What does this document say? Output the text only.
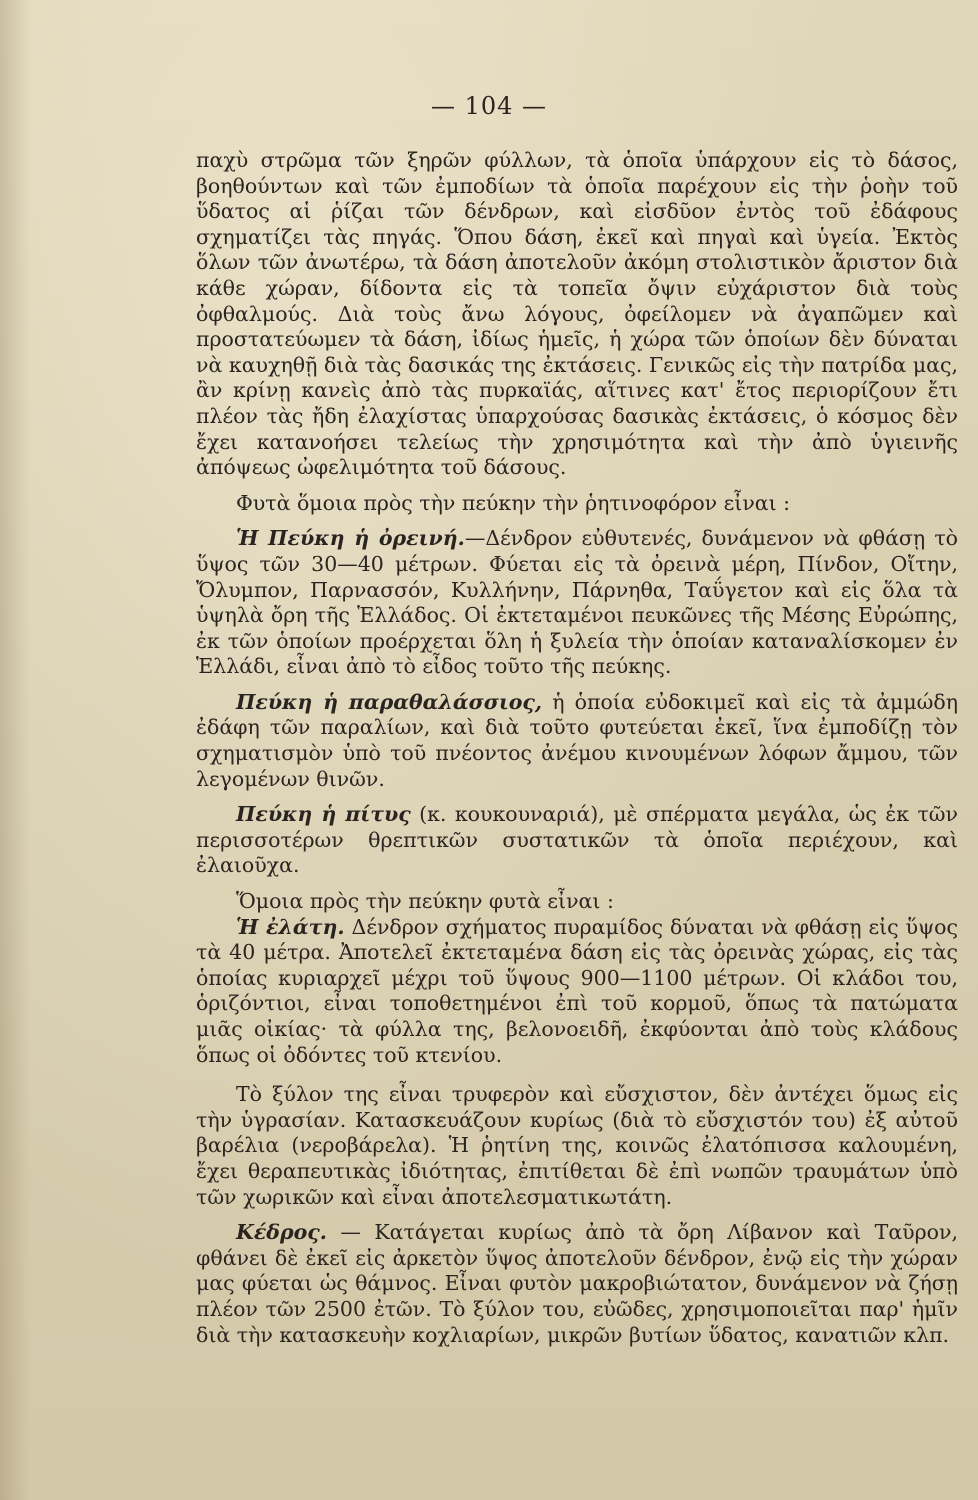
— 104 —

παχὺ στρῶμα τῶν ξηρῶν φύλλων, τὰ ὁποῖα ὑπάρχουν εἰς τὸ δάσος, βοηθούντων καὶ τῶν ἐμποδίων τὰ ὁποῖα παρέχουν εἰς τὴν ῥοὴν τοῦ ὕδατος αἱ ῥίζαι τῶν δένδρων, καὶ εἰσδῦον ἐντὸς τοῦ ἐδάφους σχηματίζει τὰς πηγάς. Ὅπου δάση, ἐκεῖ καὶ πηγαὶ καὶ ὑγεία. Ἐκτὸς ὅλων τῶν ἀνωτέρω, τὰ δάση ἀποτελοῦν ἀκόμη στολιστικὸν ἄριστον διὰ κάθε χώραν, δίδοντα εἰς τὰ τοπεῖα ὄψιν εὐχάριστον διὰ τοὺς ὀφθαλμούς. Διὰ τοὺς ἄνω λόγους, ὀφείλομεν νὰ ἀγαπῶμεν καὶ προστατεύωμεν τὰ δάση, ἰδίως ἡμεῖς, ἡ χώρα τῶν ὁποίων δὲν δύναται νὰ καυχηθῇ διὰ τὰς δασικάς της ἐκτάσεις. Γενικῶς εἰς τὴν πατρίδα μας, ἂν κρίνῃ κανεὶς ἀπὸ τὰς πυρκαϊάς, αἵτινες κατ' ἔτος περιορίζουν ἔτι πλέον τὰς ἤδη ἐλαχίστας ὑπαρχούσας δασικὰς ἐκτάσεις, ὁ κόσμος δὲν ἔχει κατανοήσει τελείως τὴν χρησιμότητα καὶ τὴν ἀπὸ ὑγιεινῆς ἀπόψεως ὠφελιμότητα τοῦ δάσους.

Φυτὰ ὅμοια πρὸς τὴν πεύκην τὴν ῥητινοφόρον εἶναι :

Ἡ Πεύκη ἡ ὀρεινή.—Δένδρον εὐθυτενές, δυνάμενον νὰ φθάσῃ τὸ ὕψος τῶν 30—40 μέτρων. Φύεται εἰς τὰ ὀρεινὰ μέρη, Πίνδον, Οἴτην, Ὄλυμπον, Παρνασσόν, Κυλλήνην, Πάρνηθα, Ταΰγετον καὶ εἰς ὅλα τὰ ὑψηλὰ ὄρη τῆς Ἑλλάδος. Οἱ ἐκτεταμένοι πευκῶνες τῆς Μέσης Εὐρώπης, ἐκ τῶν ὁποίων προέρχεται ὅλη ἡ ξυλεία τὴν ὁποίαν καταναλίσκομεν ἐν Ἑλλάδι, εἶναι ἀπὸ τὸ εἶδος τοῦτο τῆς πεύκης.

Πεύκη ἡ παραθαλάσσιος, ἡ ὁποία εὐδοκιμεῖ καὶ εἰς τὰ ἀμμώδη ἐδάφη τῶν παραλίων, καὶ διὰ τοῦτο φυτεύεται ἐκεῖ, ἵνα ἐμποδίζῃ τὸν σχηματισμὸν ὑπὸ τοῦ πνέοντος ἀνέμου κινουμένων λόφων ἄμμου, τῶν λεγομένων θινῶν.

Πεύκη ἡ πίτυς (κ. κουκουναριά), μὲ σπέρματα μεγάλα, ὡς ἐκ τῶν περισσοτέρων θρεπτικῶν συστατικῶν τὰ ὁποῖα περιέχουν, καὶ ἐλαιοῦχα.

Ὅμοια πρὸς τὴν πεύκην φυτὰ εἶναι :

Ἡ ἐλάτη. Δένδρον σχήματος πυραμίδος δύναται νὰ φθάσῃ εἰς ὕψος τὰ 40 μέτρα. Ἀποτελεῖ ἐκτεταμένα δάση εἰς τὰς ὀρεινὰς χώρας, εἰς τὰς ὁποίας κυριαρχεῖ μέχρι τοῦ ὕψους 900—1100 μέτρων. Οἱ κλάδοι του, ὁριζόντιοι, εἶναι τοποθετημένοι ἐπὶ τοῦ κορμοῦ, ὅπως τὰ πατώματα μιᾶς οἰκίας· τὰ φύλλα της, βελονοειδῆ, ἐκφύονται ἀπὸ τοὺς κλάδους ὅπως οἱ ὀδόντες τοῦ κτενίου.

Τὸ ξύλον της εἶναι τρυφερὸν καὶ εὔσχιστον, δὲν ἀντέχει ὅμως εἰς τὴν ὑγρασίαν. Κατασκευάζουν κυρίως (διὰ τὸ εὔσχιστόν του) ἐξ αὐτοῦ βαρέλια (νεροβάρελα). Ἡ ῥητίνη της, κοινῶς ἐλατόπισσα καλουμένη, ἔχει θεραπευτικὰς ἰδιότητας, ἐπιτίθεται δὲ ἐπὶ νωπῶν τραυμάτων ὑπὸ τῶν χωρικῶν καὶ εἶναι ἀποτελεσματικωτάτη.

Κέδρος. — Κατάγεται κυρίως ἀπὸ τὰ ὄρη Λίβανον καὶ Ταῦρον, φθάνει δὲ ἐκεῖ εἰς ἀρκετὸν ὕψος ἀποτελοῦν δένδρον, ἐνῷ εἰς τὴν χώραν μας φύεται ὡς θάμνος. Εἶναι φυτὸν μακροβιώτατον, δυνάμενον νὰ ζήσῃ πλέον τῶν 2500 ἐτῶν. Τὸ ξύλον του, εὐῶδες, χρησιμοποιεῖται παρ' ἡμῖν διὰ τὴν κατασκευὴν κοχλιαρίων, μικρῶν βυτίων ὕδατος, κανατιῶν κλπ.
